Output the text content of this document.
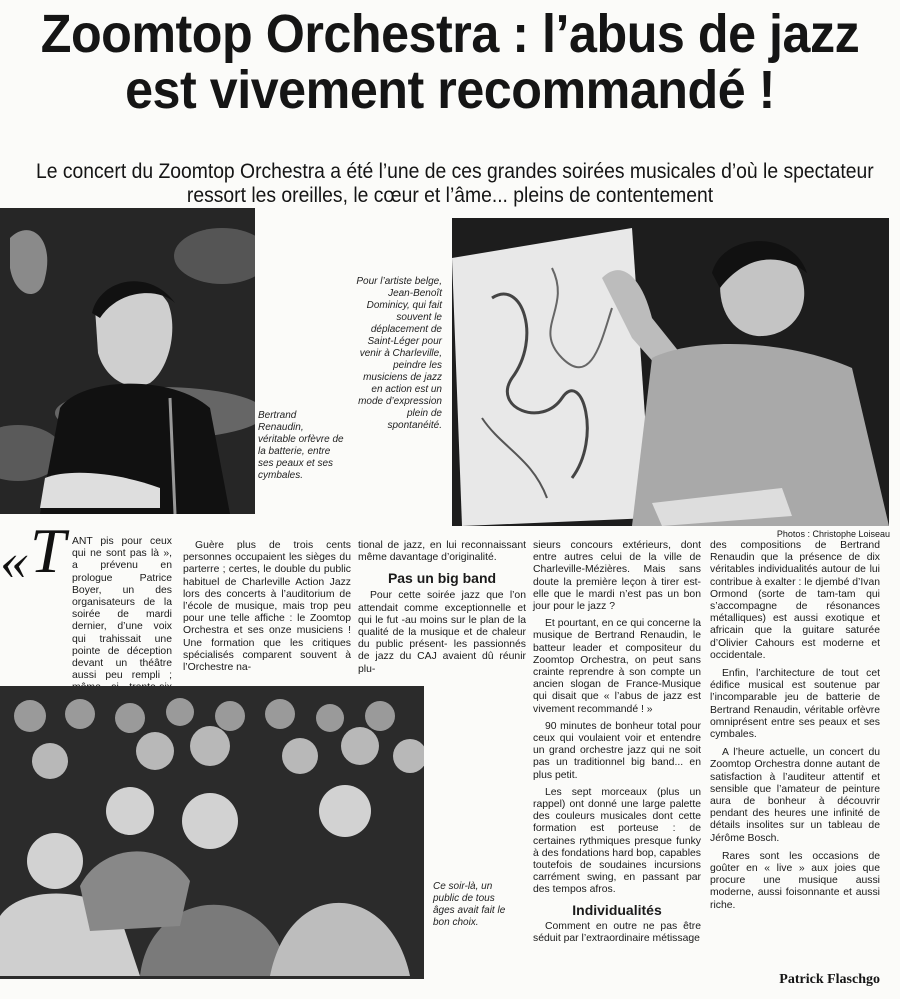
Zoomtop Orchestra : l’abus de jazz
est vivement recommandé !
Le concert du Zoomtop Orchestra a été l’une de ces grandes soirées musicales d’où le spectateur
ressort les oreilles, le cœur et l’âme... pleins de contentement
Bertrand Renaudin, véritable orfèvre de la batterie, entre ses peaux et ses cymbales.
Pour l’artiste belge, Jean-Benoît Dominicy, qui fait souvent le déplacement de Saint-Léger pour venir à Charleville, peindre les musiciens de jazz en action est un mode d’expression plein de spontanéité.
Photos : Christophe Loiseau
« T ANT pis pour ceux qui ne sont pas là », a prévenu en prologue Patrice Boyer, un des organisateurs de la soirée de mardi dernier, d’une voix qui trahissait une pointe de déception devant un théâtre aussi peu rempli ;

Guère plus de trois cents personnes occupaient les sièges du parterre ; certes, le double du public habituel de Charleville Action Jazz lors des concerts à l’auditorium de l’école de musique, mais trop peu pour une telle affiche : le Zoomtop Orchestra et ses onze musiciens ! Une formation que les critiques spécialisés comparent souvent à l’Orchestre na-

tional de jazz, en lui reconnaissant même davantage d’originalité.

Pas un big band

Pour cette soirée jazz que l’on attendait comme exceptionnelle et qui le fut -au moins sur le plan de la qualité de la musique et de chaleur du public présent- les passionnés de jazz du CAJ avaient dû réunir plu-

Ce soir-là, un public de tous âges avait fait le bon choix.

sieurs concours extérieurs, dont entre autres celui de la ville de Charleville-Mézières. Mais sans doute la première leçon à tirer est-elle que le mardi n’est pas un bon jour pour le jazz ?

Et pourtant, en ce qui concerne la musique de Bertrand Renaudin, le batteur leader et compositeur du Zoomtop Orchestra, on peut sans crainte reprendre à son compte un ancien slogan de France-Musique qui disait que « l’abus de jazz est vivement recommandé ! »

90 minutes de bonheur total pour ceux qui voulaient voir et entendre un grand orchestre jazz qui ne soit pas un traditionnel big band... en plus petit.

Les sept morceaux (plus un rappel) ont donné une large palette des couleurs musicales dont cette formation est porteuse : de certaines rythmiques presque funky à des fondations hard bop, capables toutefois de soudaines incursions carrément swing, en passant par des tempos afros.

Individualités

Comment en outre ne pas être séduit par l’extraordinaire métissage

des compositions de Bertrand Renaudin que la présence de dix véritables individualités autour de lui contribue à exalter : le djembé d’Ivan Ormond (sorte de tam-tam qui s’accompagne de résonances métalliques) est aussi exotique et africain que la guitare saturée d’Olivier Cahours est moderne et occidentale.

Enfin, l’architecture de tout cet édifice musical est soutenue par l’incomparable jeu de batterie de Bertrand Renaudin, véritable orfèvre omniprésent entre ses peaux et ses cymbales.

A l’heure actuelle, un concert du Zoomtop Orchestra donne autant de satisfaction à l’auditeur attentif et sensible que l’amateur de peinture aura de bonheur à découvrir pendant des heures une infinité de détails insolites sur un tableau de Jérôme Bosch.

Rares sont les occasions de goûter en « live » aux joies que procure une musique aussi moderne, aussi foisonnante et aussi riche.

Patrick Flaschgo
